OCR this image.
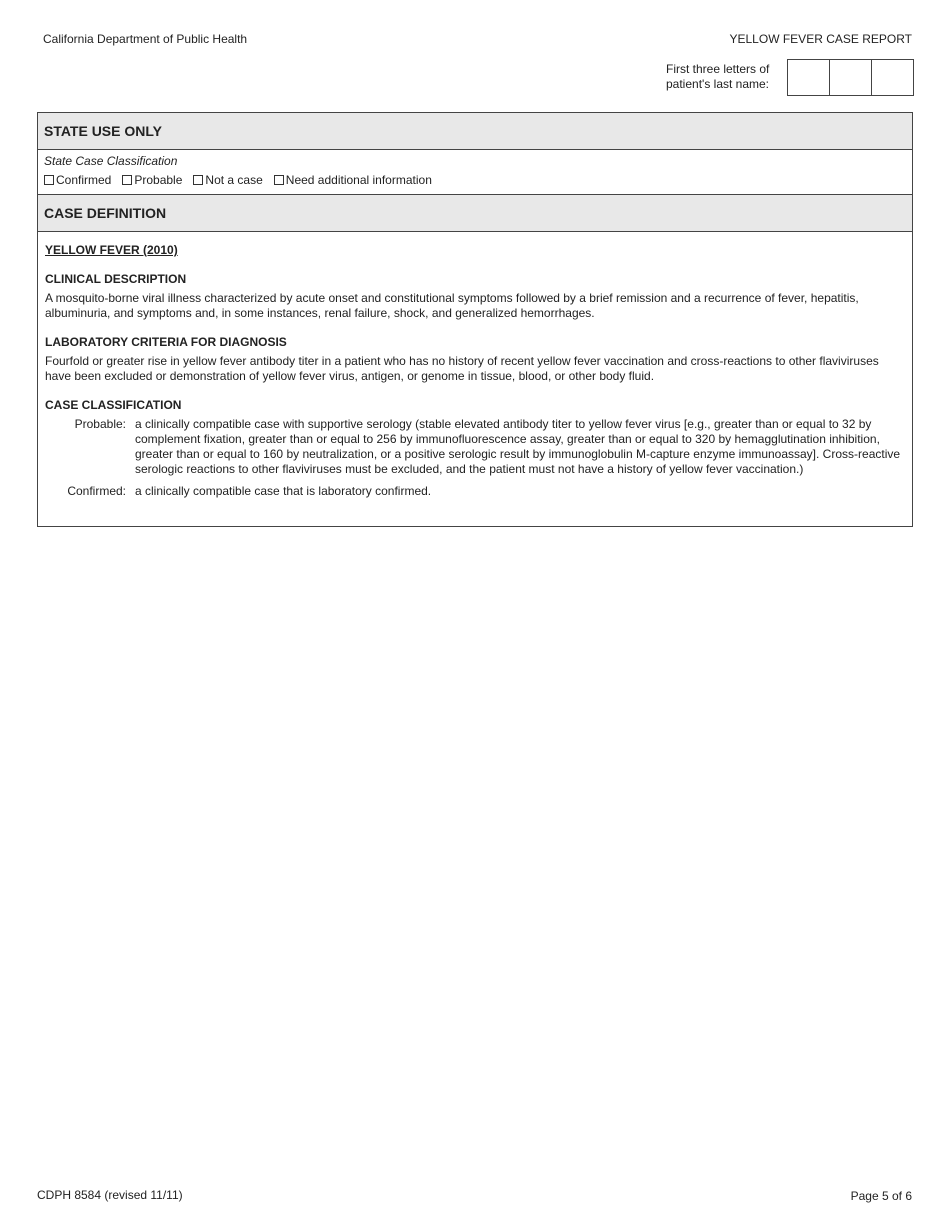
California Department of Public Health	YELLOW FEVER CASE REPORT
First three letters of
patient's last name:
STATE USE ONLY
State Case Classification
Confirmed	Probable	Not a case	Need additional information
CASE DEFINITION
YELLOW FEVER (2010)
CLINICAL DESCRIPTION
A mosquito-borne viral illness characterized by acute onset and constitutional symptoms followed by a brief remission and a recurrence of fever, hepatitis, albuminuria, and symptoms and, in some instances, renal failure, shock, and generalized hemorrhages.
LABORATORY CRITERIA FOR DIAGNOSIS
Fourfold or greater rise in yellow fever antibody titer in a patient who has no history of recent yellow fever vaccination and cross-reactions to other flaviviruses have been excluded or demonstration of yellow fever virus, antigen, or genome in tissue, blood, or other body fluid.
CASE CLASSIFICATION
Probable: a clinically compatible case with supportive serology (stable elevated antibody titer to yellow fever virus [e.g., greater than or equal to 32 by complement fixation, greater than or equal to 256 by immunofluorescence assay, greater than or equal to 320 by hemagglutination inhibition, greater than or equal to 160 by neutralization, or a positive serologic result by immunoglobulin M-capture enzyme immunoassay]. Cross-reactive serologic reactions to other flaviviruses must be excluded, and the patient must not have a history of yellow fever vaccination.)
Confirmed: a clinically compatible case that is laboratory confirmed.
CDPH 8584 (revised 11/11)	Page 5 of 6
